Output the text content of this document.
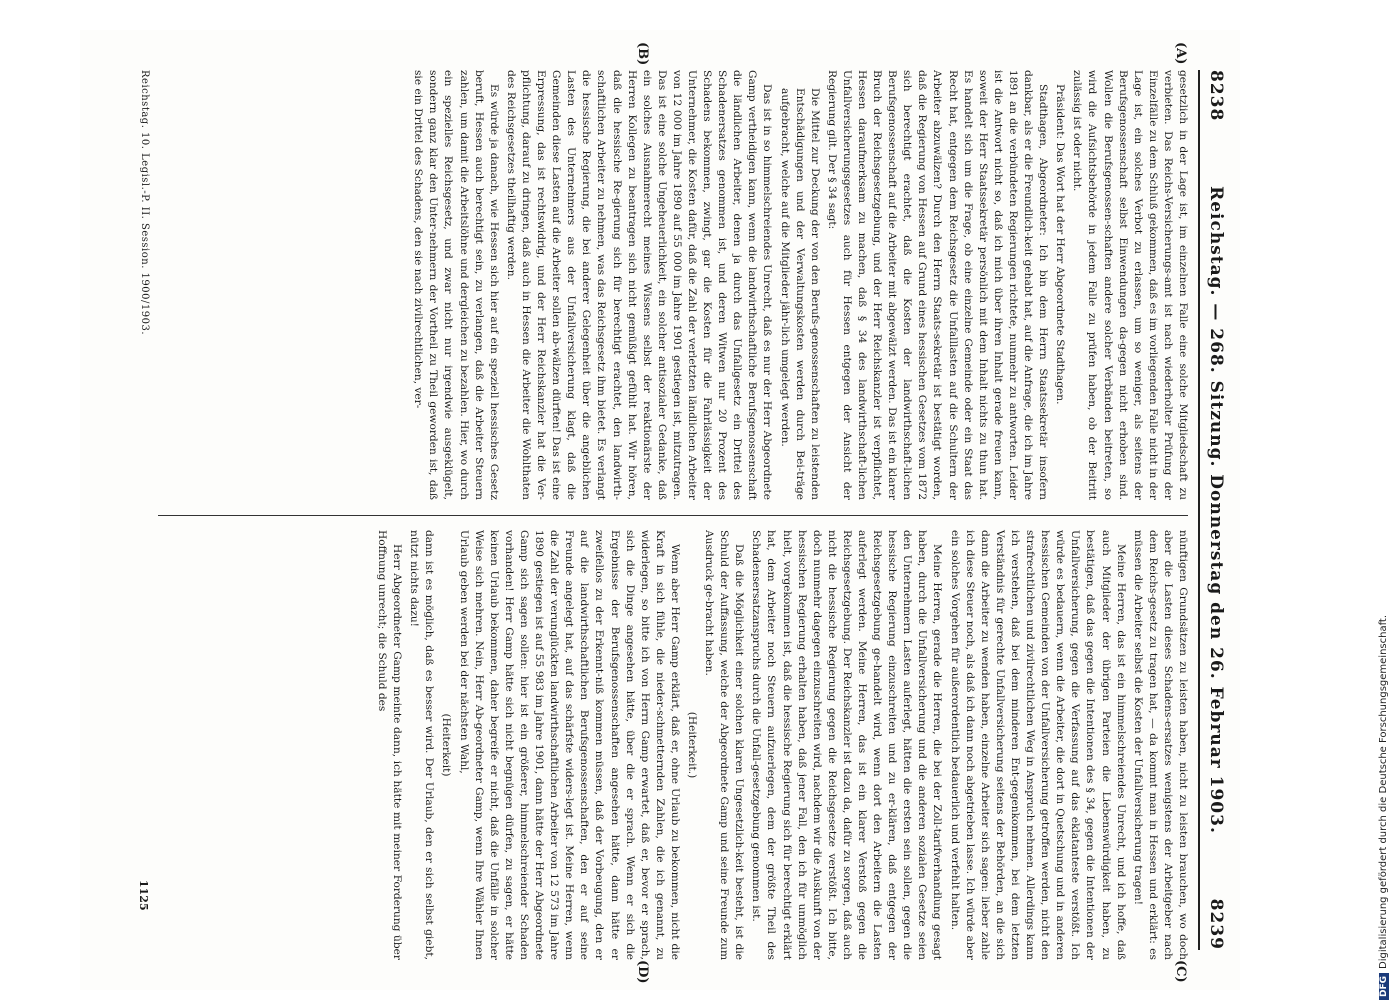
8238
Reichstag. — 268. Sitzung. Donnerstag den 26. Februar 1903.
8239
(A)
(B)
(C)
(D)

gesetzlich in der Lage ist, im einzelnen Falle eine solche Mitgliedschaft zu verbieten. Das Reichs-Versicherungs-amt ist nach wiederholter Prüfung der Einzelfälle zu dem Schluß gekommen, daß es im vorliegenden Falle nicht in der Lage ist, ein solches Verbot zu erlassen, um so weniger, als seitens der Berufsgenossenschaft selbst Einwendungen da-gegen nicht erhoben sind. Wollen die Berufsgenossen-schaften andere solcher Verbänden beitreten, so wird die Aufsichtsbehörde in jedem Falle zu prüfen haben, ob der Beitritt zulässig ist oder nicht.

Präsident: Das Wort hat der Herr Abgeordnete Stadthagen.

Stadthagen, Abgeordneter: Ich bin dem Herrn Staatssekretär insofern dankbar, als er die Freundlich-keit gehabt hat, auf die Anfrage, die ich im Jahre 1891 an die verbündeten Regierungen richtete, nunmehr zu antworten. Leider ist die Antwort nicht so, daß ich mich über ihren Inhalt gerade freuen kann, soweit der Herr Staatssekretär persönlich mit dem Inhalt nichts zu thun hat. Es handelt sich um die Frage, ob eine einzelne Gemeinde oder ein Staat das Recht hat, entgegen dem Reichsgesetz die Unfalllasten auf die Schultern der Arbeiter abzuwälzen? Durch den Herrn Staats-sekretär ist bestätigt worden, daß die Regierung von Hessen auf Grund eines hessischen Gesetzes vom 1872 sich berechtigt erachtet, daß die Kosten der landwirthschaft-lichen Berufsgenossenschaft auf die Arbeiter mit abgewälzt werden. Das ist ein klarer Bruch der Reichsgesetzgebung, und der Herr Reichskanzler ist verpflichtet, Hessen daraufmerksam zu machen, daß § 34 des landwirthschaft-lichen Unfallversicherungsgesetzes auch für Hessen entgegen der Ansicht der Regierung gilt. Der § 34 sagt:

Die Mittel zur Deckung der von den Berufs-genossenschaften zu leistenden Entschädigungen und der Verwaltungskosten werden durch Bei-träge aufgebracht, welche auf die Mitglieder jähr-lich umgelegt werden.

Das ist in so himmelschreiendes Unrecht, daß es nur der Herr Abgeordnete Gamp vertheidigen kann, wenn die landwirthschaftliche Berufsgenossenschaft die ländlichen Arbeiter, denen ja durch das Unfallgesetz ein Drittel des Schadenersatzes genommen ist, und deren Witwen nur 20 Prozent des Schadens bekommen, zwingt, gar die Kosten für die Fahrlässigkeit der Unternehmer, die Kosten dafür, daß die Zahl der verletzten ländlichen Arbeiter von 12 000 im Jahre 1890 auf 55 000 im Jahre 1901 gestiegen ist, mitzutragen. Das ist eine solche Ungeheuerlichkeit, ein solcher antisozialer Gedanke, daß ein solches Ausnahmerecht meines Wissens selbst der reaktionärste der Herren Kollegen zu beantragen sich nicht gemüßigt gefühlt hat. Wir hören, daß die hessische Re-gierung sich für berechtigt erachtet, den landwirth-schaftlichen Arbeiter zu nehmen, was das Reichsgesetz ihm bietet. Es verlangt die hessische Regierung, die bei anderer Gelegenheit über die angeblichen Lasten des Unternehmers aus der Unfallversicherung klagt, daß die Gemeinden diese Lasten auf die Arbeiter sollen ab-wälzen dürften! Das ist eine Erpressung, das ist rechtswidrig, und der Herr Reichskanzler hat die Ver-pflichtung, darauf zu dringen, daß auch in Hessen die Arbeiter die Wohlthaten des Reichsgesetzes theilhaftig werden.

Es würde ja danach, wie Hessen sich hier auf ein speziell hessisches Gesetz beruft, Hessen auch berechtigt sein, zu verlangen, daß die Arbeiter Steuern zahlen, um damit die Arbeitslöhne und dergleichen zu bezahlen. Hier, wo durch ein spezielles Reichsgesetz, und zwar nicht nur irgendwie ausgeklügelt, sondern ganz klar den Unter-nehmern der Vortheil zu Theil geworden ist, daß sie ein Drittel des Schadens, den sie nach zivilrechtlichen, ver-

nünftigen Grundsätzen zu leisten haben, nicht zu leisten brauchen, wo doch aber die Lasten dieses Schadens-ersatzes wenigstens der Arbeitgeber nach dem Reichs-gesetz zu tragen hat, — da kommt man in Hessen und erklärt: es müssen die Arbeiter selbst die Kosten der Unfallversicherung tragen!

Meine Herren, das ist ein himmelschreiendes Unrecht, und ich hoffe, daß auch Mitglieder der übrigen Parteien die Liebenswürdigkeit haben, zu bestätigen, daß das gegen die Intentionen des § 34, gegen die Intentionen der Unfallversicherung, gegen die Verfassung auf das eklatanteste verstößt. Ich würde es bedauern, wenn die Arbeiter, die dort in Quetschung und in anderen hessischen Gemeinden von der Unfallversicherung getroffen werden, nicht den strafrechtlichen und zivilrechtlichen Weg in Anspruch nehmen. Allerdings kann ich verstehen, daß bei dem minderen Ent-gegenkommen, bei dem letzten Verständnis für gerechte Unfallversicherung seitens der Behörden, an die sich dann die Arbeiter zu wenden haben, einzelne Arbeiter sich sagen: lieber zahle ich diese Steuer noch, als daß ich dann noch abgetrieben lasse. Ich würde aber ein solches Vorgehen für außerordentlich bedauerlich und verfehlt halten.

Meine Herren, gerade die Herren, die bei der Zoll-tarifverhandlung gesagt haben, durch die Unfallversicherung und die anderen sozialen Gesetze seien den Unternehmern Lasten auferlegt, hätten die ersten sein sollen, gegen die hessische Regierung einzuschreiten und zu er-klären, daß entgegen der Reichsgesetzgebung ge-handelt wird, wenn dort den Arbeitern die Lasten auferlegt werden. Meine Herren, das ist ein klarer Verstoß gegen die Reichsgesetzgebung. Der Reichskanzler ist dazu da, dafür zu sorgen, daß auch nicht die hessische Regierung gegen die Reichsgesetze verstößt. Ich bitte, doch nunmehr dagegen einzuschreiten wird, nachdem wir die Auskunft von der hessischen Regierung erhalten haben, daß jener Fall, den ich für unmöglich hielt, vorgekommen ist, daß die hessische Regierung sich für berechtigt erklärt hat, dem Arbeiter noch Steuern aufzuerlegen, dem der größte Theil des Schadensersatzanspruchs durch die Unfall-gesetzgebung genommen ist.

Daß die Möglichkeit einer solchen klaren Ungesetzlich-keit besteht, ist die Schuld der Auffassung, welche der Abgeordnete Gamp und seine Freunde zum Ausdruck ge-bracht haben.

(Heiterkeit.)

Wenn aber Herr Gamp erklärt, daß er, ohne Urlaub zu bekommen, nicht die Kraft in sich fühle, die nieder-schmetternden Zahlen, die ich genannt, zu widerlegen, so bitte ich von Herrn Gamp erwartet, daß er, bevor er sprach, sich die Dinge angesehen hätte, über die er sprach. Wenn er sich die Ergebnisse der Berufsgenossenschaften angesehen hätte, dann hätte er zweifellos zu der Erkennt-niß kommen müssen, daß der Vorbeugung, den er auf die landwirthschaftlichen Berufsgenossenschaften, den er auf seine Freunde angelegt hat, auf das schärfste widers-legt ist. Meine Herren, wenn die Zahl der verunglückten landwirthschaftlichen Arbeiter von 12 573 im Jahre 1890 gestiegen ist auf 55 983 im Jahre 1901, dann hätte der Herr Abgeordnete Gamp sich sagen sollen: hier ist ein größerer, himmelschreiender Schaden vorhanden! Herr Gamp hätte sich nicht begnügen dürfen, zu sagen, er hätte keinen Urlaub bekommen, daher begreife er nicht, daß die Unfälle in solcher Weise sich mehren. Nein, Herr Ab-geordneter Gamp, wenn Ihre Wähler Ihnen Urlaub geben werden bei der nächsten Wahl,

(Heiterkeit)

dann ist es möglich, daß es besser wird. Der Urlaub, den er sich selbst giebt, nützt nichts dazu!

Herr Abgeordneter Gamp meinte dann, ich hätte mit meiner Forderung über Hoffnung unrecht; die Schuld des

Reichstag. 10. Legisl.-P. II. Session. 1900/1903.
1125
DFGDigitalisierung gefördert durch die Deutsche Forschungsgemeinschaft.
